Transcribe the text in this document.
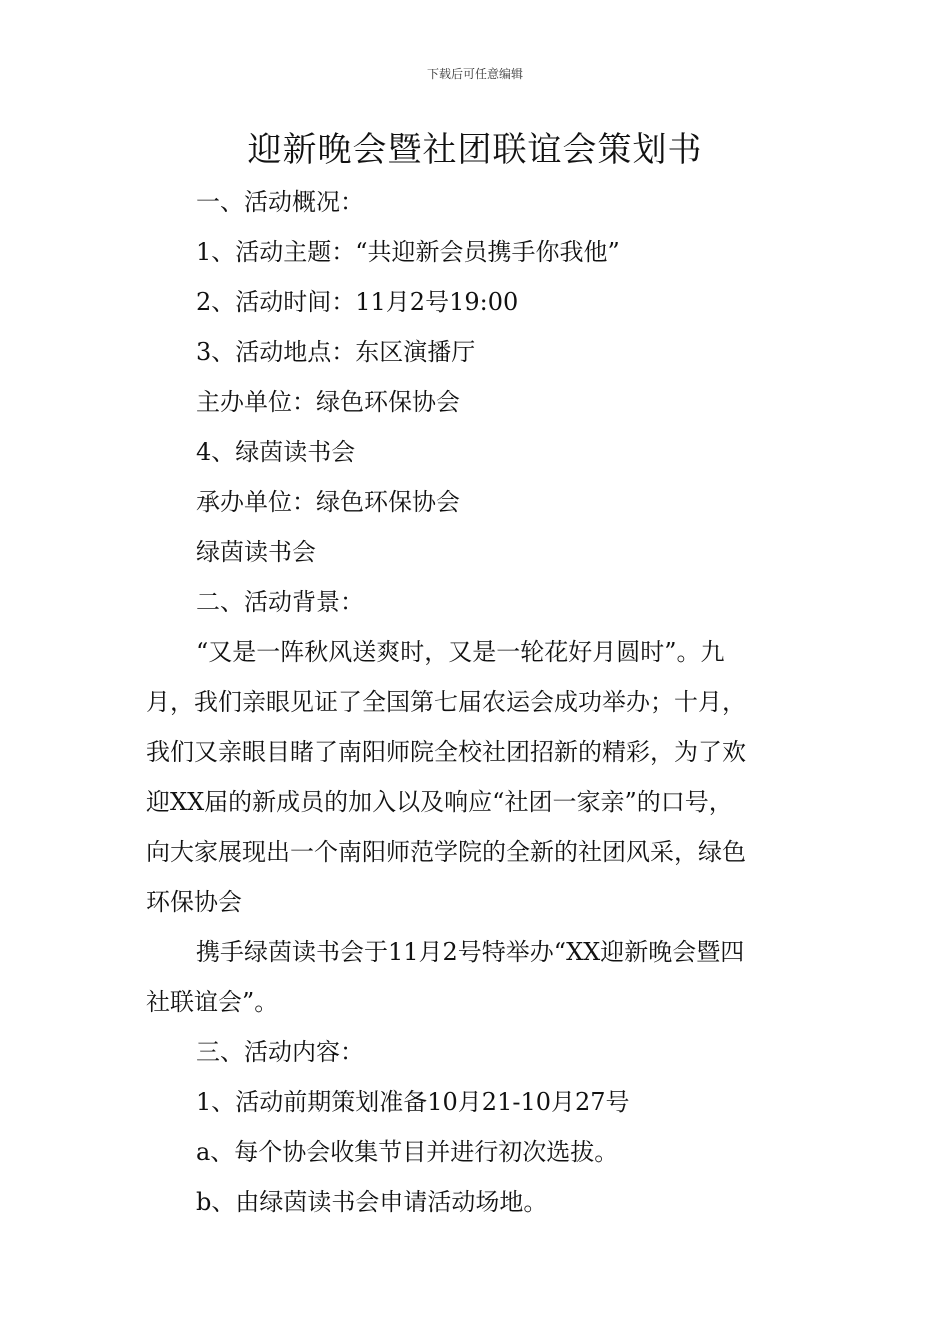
下载后可任意编辑
迎新晚会暨社团联谊会策划书
一、活动概况：
1、活动主题：“共迎新会员携手你我他”
2、活动时间：11月2号19:00
3、活动地点：东区演播厅
主办单位：绿色环保协会
4、绿茵读书会
承办单位：绿色环保协会
绿茵读书会
二、活动背景：
“又是一阵秋风送爽时，又是一轮花好月圆时”。九
月，我们亲眼见证了全国第七届农运会成功举办；十月，
我们又亲眼目睹了南阳师院全校社团招新的精彩，为了欢
迎XX届的新成员的加入以及响应“社团一家亲”的口号，
向大家展现出一个南阳师范学院的全新的社团风采，绿色
环保协会
携手绿茵读书会于11月2号特举办“XX迎新晚会暨四
社联谊会”。
三、活动内容：
1、活动前期策划准备10月21-10月27号
a、每个协会收集节目并进行初次选拔。
b、由绿茵读书会申请活动场地。
